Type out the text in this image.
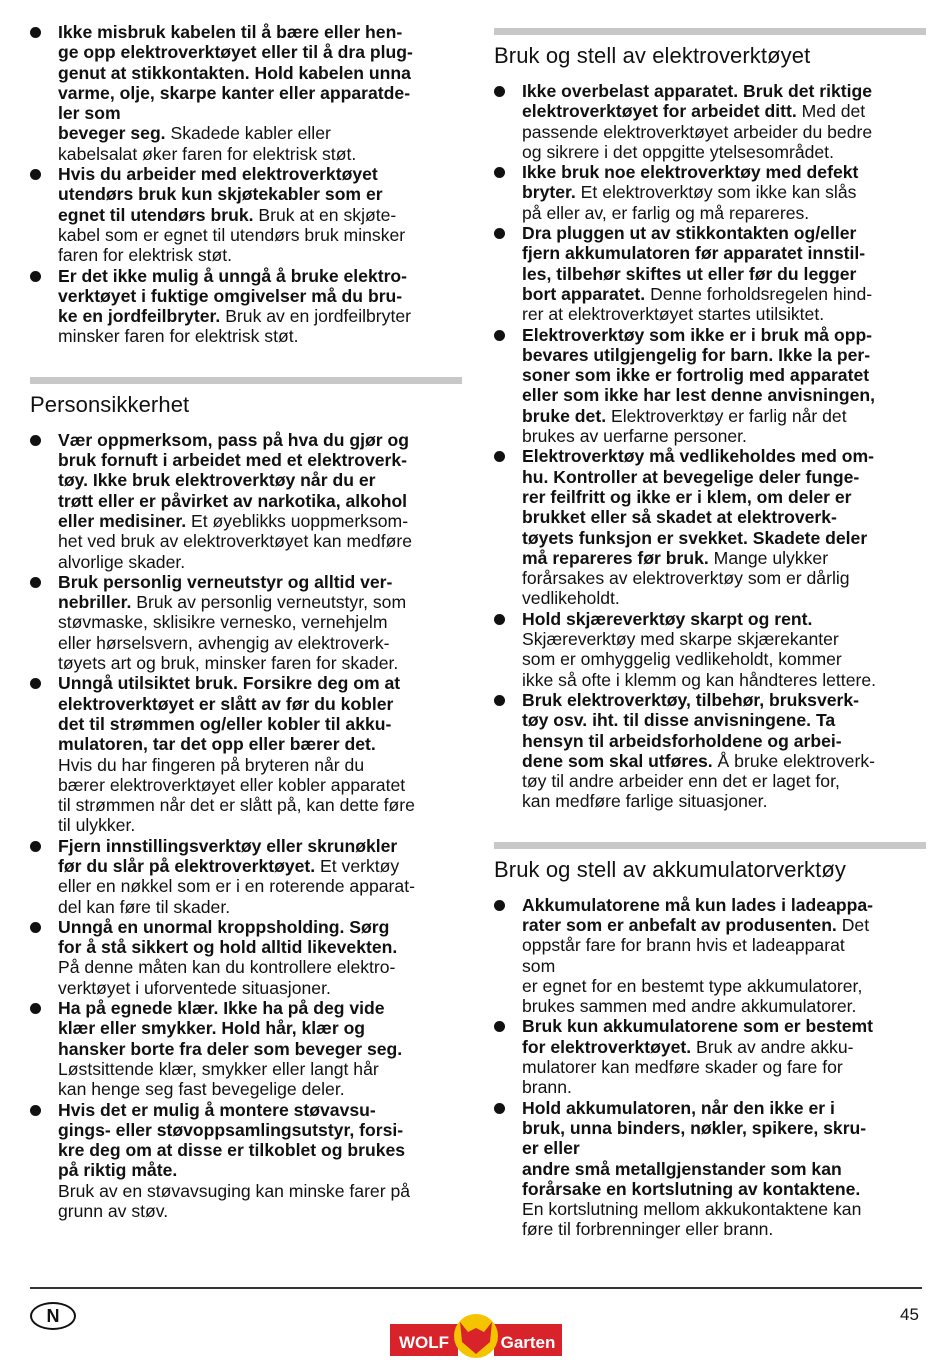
Ikke misbruk kabelen til å bære eller hen-
ge opp elektroverktøyet eller til å dra plug-
genut at stikkontakten. Hold kabelen unna
varme, olje, skarpe kanter eller apparatde-
ler som
beveger seg. Skadede kabler eller
kabelsalat øker faren for elektrisk støt.
Hvis du arbeider med elektroverktøyet
utendørs bruk kun skjøtekabler som er
egnet til utendørs bruk. Bruk at en skjøte-
kabel som er egnet til utendørs bruk minsker
faren for elektrisk støt.
Er det ikke mulig å unngå å bruke elektro-
verktøyet i fuktige omgivelser må du bru-
ke en jordfeilbryter. Bruk av en jordfeilbryter
minsker faren for elektrisk støt.
Personsikkerhet
Vær oppmerksom, pass på hva du gjør og
bruk fornuft i arbeidet med et elektroverk-
tøy. Ikke bruk elektroverktøy når du er
trøtt eller er påvirket av narkotika, alkohol
eller medisiner. Et øyeblikks uoppmerksom-
het ved bruk av elektroverktøyet kan medføre
alvorlige skader.
Bruk personlig verneutstyr og alltid ver-
nebriller. Bruk av personlig verneutstyr, som
støvmaske, sklisikre vernesko, vernehjelm
eller hørselsvern, avhengig av elektroverk-
tøyets art og bruk, minsker faren for skader.
Unngå utilsiktet bruk. Forsikre deg om at
elektroverktøyet er slått av før du kobler
det til strømmen og/eller kobler til akku-
mulatoren, tar det opp eller bærer det.
Hvis du har fingeren på bryteren når du
bærer elektroverktøyet eller kobler apparatet
til strømmen når det er slått på, kan dette føre
til ulykker.
Fjern innstillingsverktøy eller skrunøkler
før du slår på elektroverktøyet. Et verktøy
eller en nøkkel som er i en roterende apparat-
del kan føre til skader.
Unngå en unormal kroppsholding. Sørg
for å stå sikkert og hold alltid likevekten.
På denne måten kan du kontrollere elektro-
verktøyet i uforventede situasjoner.
Ha på egnede klær. Ikke ha på deg vide
klær eller smykker. Hold hår, klær og
hansker borte fra deler som beveger seg.
Løstsittende klær, smykker eller langt hår
kan henge seg fast bevegelige deler.
Hvis det er mulig å montere støvavsu-
gings- eller støvoppsamlingsutstyr, forsi-
kre deg om at disse er tilkoblet og brukes
på riktig måte.
Bruk av en støvavsuging kan minske farer på
grunn av støv.
Bruk og stell av elektroverktøyet
Ikke overbelast apparatet. Bruk det riktige
elektroverktøyet for arbeidet ditt. Med det
passende elektroverktøyet arbeider du bedre
og sikrere i det oppgitte ytelsesområdet.
Ikke bruk noe elektroverktøy med defekt
bryter. Et elektroverktøy som ikke kan slås
på eller av, er farlig og må repareres.
Dra pluggen ut av stikkontakten og/eller
fjern akkumulatoren før apparatet innstil-
les, tilbehør skiftes ut eller før du legger
bort apparatet. Denne forholdsregelen hind-
rer at elektroverktøyet startes utilsiktet.
Elektroverktøy som ikke er i bruk må opp-
bevares utilgjengelig for barn. Ikke la per-
soner som ikke er fortrolig med apparatet
eller som ikke har lest denne anvisningen,
bruke det. Elektroverktøy er farlig når det
brukes av uerfarne personer.
Elektroverktøy må vedlikeholdes med om-
hu. Kontroller at bevegelige deler funge-
rer feilfritt og ikke er i klem, om deler er
brukket eller så skadet at elektroverk-
tøyets funksjon er svekket. Skadete deler
må repareres før bruk. Mange ulykker
forårsakes av elektroverktøy som er dårlig
vedlikeholdt.
Hold skjæreverktøy skarpt og rent.
Skjæreverktøy med skarpe skjærekanter
som er omhyggelig vedlikeholdt, kommer
ikke så ofte i klemm og kan håndteres lettere.
Bruk elektroverktøy, tilbehør, bruksverk-
tøy osv. iht. til disse anvisningene. Ta
hensyn til arbeidsforholdene og arbei-
dene som skal utføres. Å bruke elektroverk-
tøy til andre arbeider enn det er laget for,
kan medføre farlige situasjoner.
Bruk og stell av akkumulatorverktøy
Akkumulatorene må kun lades i ladeappa-
rater som er anbefalt av produsenten. Det
oppstår fare for brann hvis et ladeapparat
som
er egnet for en bestemt type akkumulatorer,
brukes sammen med andre akkumulatorer.
Bruk kun akkumulatorene som er bestemt
for elektroverktøyet. Bruk av andre akku-
mulatorer kan medføre skader og fare for
brann.
Hold akkumulatoren, når den ikke er i
bruk, unna binders, nøkler, spikere, skru-
er eller
andre små metallgjenstander som kan
forårsake en kortslutning av kontaktene.
En kortslutning mellom akkukontaktene kan
føre til forbrenninger eller brann.
N
WOLF	Garten
45
